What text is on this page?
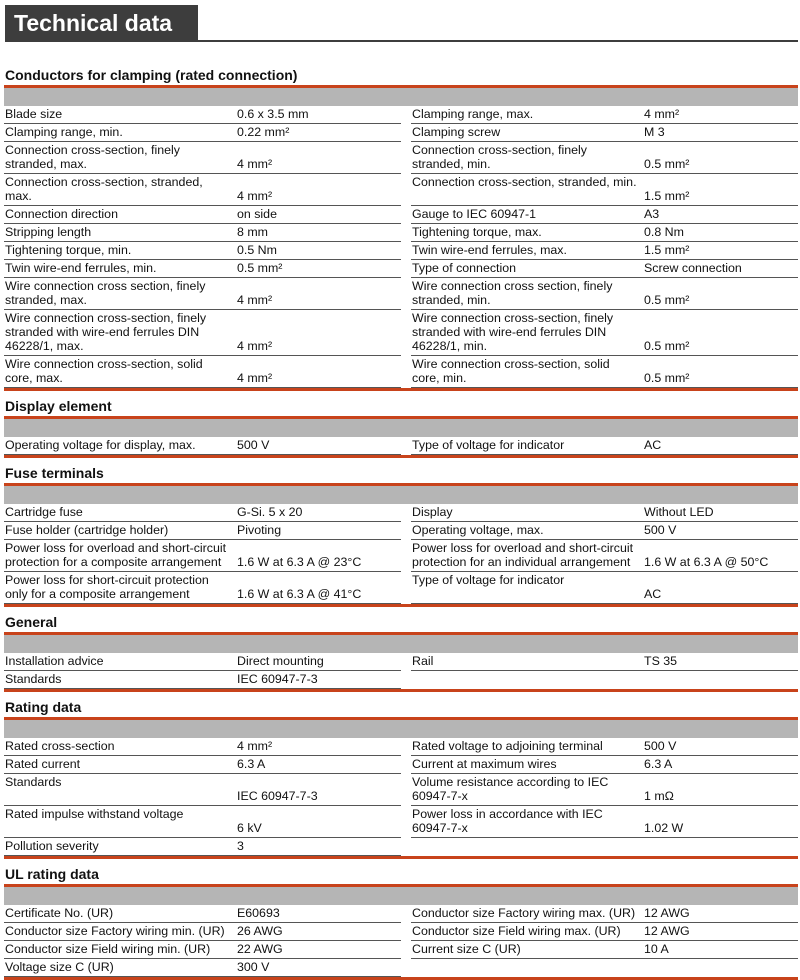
Technical data
Conductors for clamping (rated connection)
Blade size	0.6 x 3.5 mm		Clamping range, max.	4 mm²
Clamping range, min.	0.22 mm²		Clamping screw	M 3
Connection cross-section, finely
stranded, max.	4 mm²		Connection cross-section, finely
stranded, min.	0.5 mm²
Connection cross-section, stranded,
max.	4 mm²		Connection cross-section, stranded, min.	1.5 mm²
Connection direction	on side		Gauge to IEC 60947-1	A3
Stripping length	8 mm		Tightening torque, max.	0.8 Nm
Tightening torque, min.	0.5 Nm		Twin wire-end ferrules, max.	1.5 mm²
Twin wire-end ferrules, min.	0.5 mm²		Type of connection	Screw connection
Wire connection cross section, finely
stranded, max.	4 mm²		Wire connection cross section, finely
stranded, min.	0.5 mm²
Wire connection cross-section, finely
stranded with wire-end ferrules DIN
46228/1, max.	4 mm²		Wire connection cross-section, finely
stranded with wire-end ferrules DIN
46228/1, min.	0.5 mm²
Wire connection cross-section, solid
core, max.	4 mm²		Wire connection cross-section, solid
core, min.	0.5 mm²
Display element
Operating voltage for display, max.	500 V		Type of voltage for indicator	AC
Fuse terminals
Cartridge fuse	G-Si. 5 x 20		Display	Without LED
Fuse holder (cartridge holder)	Pivoting		Operating voltage, max.	500 V
Power loss for overload and short-circuit
protection for a composite arrangement	1.6 W at 6.3 A @ 23°C		Power loss for overload and short-circuit
protection for an individual arrangement	1.6 W at 6.3 A @ 50°C
Power loss for short-circuit protection
only for a composite arrangement	1.6 W at 6.3 A @ 41°C		Type of voltage for indicator	AC
General
Installation advice	Direct mounting		Rail	TS 35
Standards	IEC 60947-7-3			
Rating data
Rated cross-section	4 mm²		Rated voltage to adjoining terminal	500 V
Rated current	6.3 A		Current at maximum wires	6.3 A
Standards	IEC 60947-7-3		Volume resistance according to IEC
60947-7-x	1 mΩ
Rated impulse withstand voltage	6 kV		Power loss in accordance with IEC
60947-7-x	1.02 W
Pollution severity	3			
UL rating data
Certificate No. (UR)	E60693		Conductor size Factory wiring max. (UR)	12 AWG
Conductor size Factory wiring min. (UR)	26 AWG		Conductor size Field wiring max. (UR)	12 AWG
Conductor size Field wiring min. (UR)	22 AWG		Current size C (UR)	10 A
Voltage size C (UR)	300 V			
